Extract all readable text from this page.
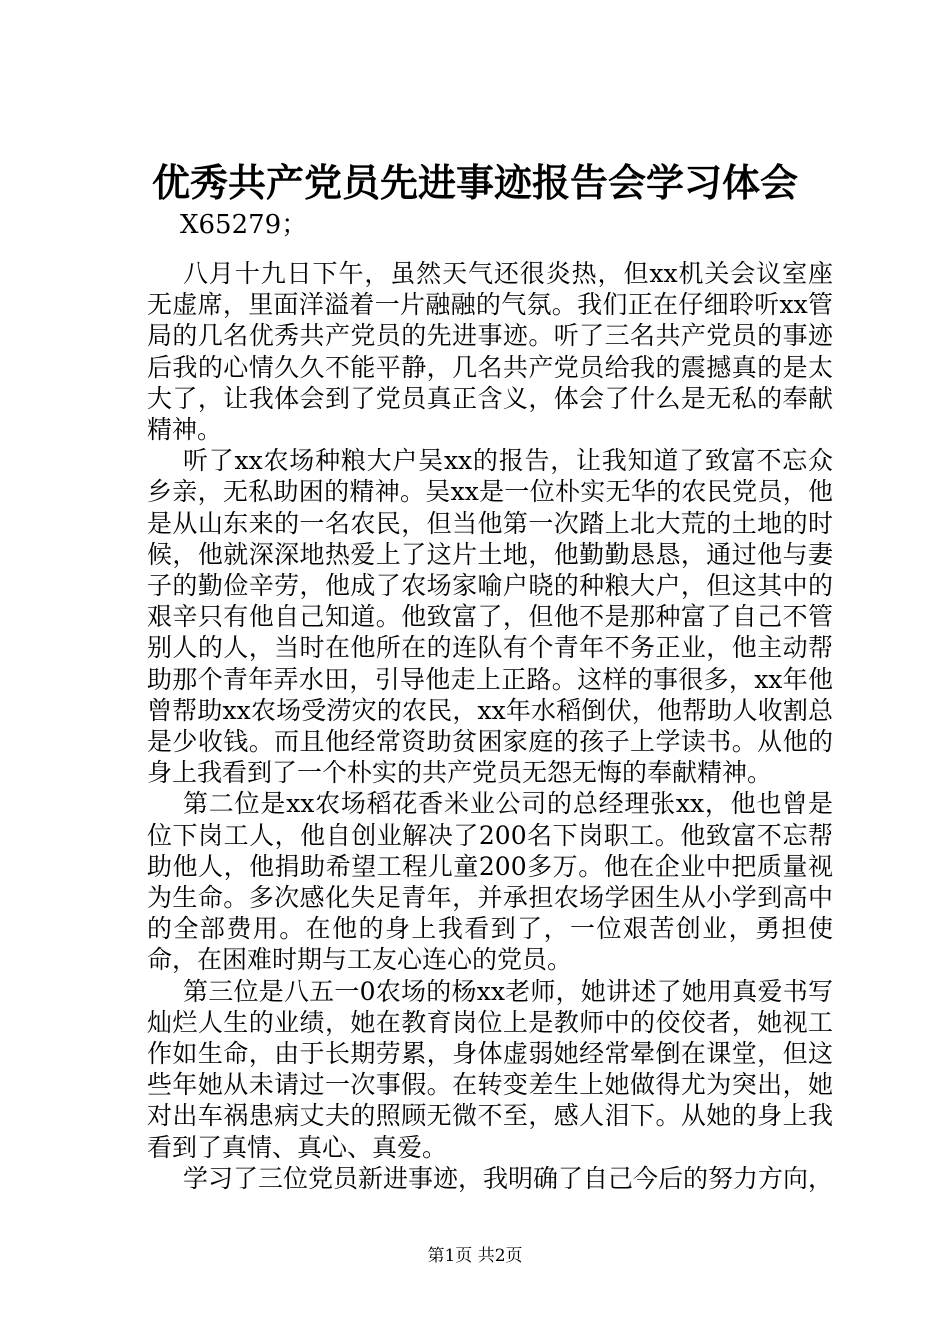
优秀共产党员先进事迹报告会学习体会
X65279；

八月十九日下午，虽然天气还很炎热，但xx机关会议室座无虚席，里面洋溢着一片融融的气氛。我们正在仔细聆听xx管局的几名优秀共产党员的先进事迹。听了三名共产党员的事迹后我的心情久久不能平静，几名共产党员给我的震撼真的是太大了，让我体会到了党员真正含义，体会了什么是无私的奉献精神。

听了xx农场种粮大户吴xx的报告，让我知道了致富不忘众乡亲，无私助困的精神。吴xx是一位朴实无华的农民党员，他是从山东来的一名农民，但当他第一次踏上北大荒的土地的时候，他就深深地热爱上了这片土地，他勤勤恳恳，通过他与妻子的勤俭辛劳，他成了农场家喻户晓的种粮大户，但这其中的艰辛只有他自己知道。他致富了，但他不是那种富了自己不管别人的人，当时在他所在的连队有个青年不务正业，他主动帮助那个青年弄水田，引导他走上正路。这样的事很多，xx年他曾帮助xx农场受涝灾的农民，xx年水稻倒伏，他帮助人收割总是少收钱。而且他经常资助贫困家庭的孩子上学读书。从他的身上我看到了一个朴实的共产党员无怨无悔的奉献精神。

第二位是xx农场稻花香米业公司的总经理张xx，他也曾是位下岗工人，他自创业解决了200名下岗职工。他致富不忘帮助他人，他捐助希望工程儿童200多万。他在企业中把质量视为生命。多次感化失足青年，并承担农场学困生从小学到高中的全部费用。在他的身上我看到了，一位艰苦创业，勇担使命，在困难时期与工友心连心的党员。

第三位是八五一0农场的杨xx老师，她讲述了她用真爱书写灿烂人生的业绩，她在教育岗位上是教师中的佼佼者，她视工作如生命，由于长期劳累，身体虚弱她经常晕倒在课堂，但这些年她从未请过一次事假。在转变差生上她做得尤为突出，她对出车祸患病丈夫的照顾无微不至，感人泪下。从她的身上我看到了真情、真心、真爱。

学习了三位党员新进事迹，我明确了自己今后的努力方向，

第1页 共2页
